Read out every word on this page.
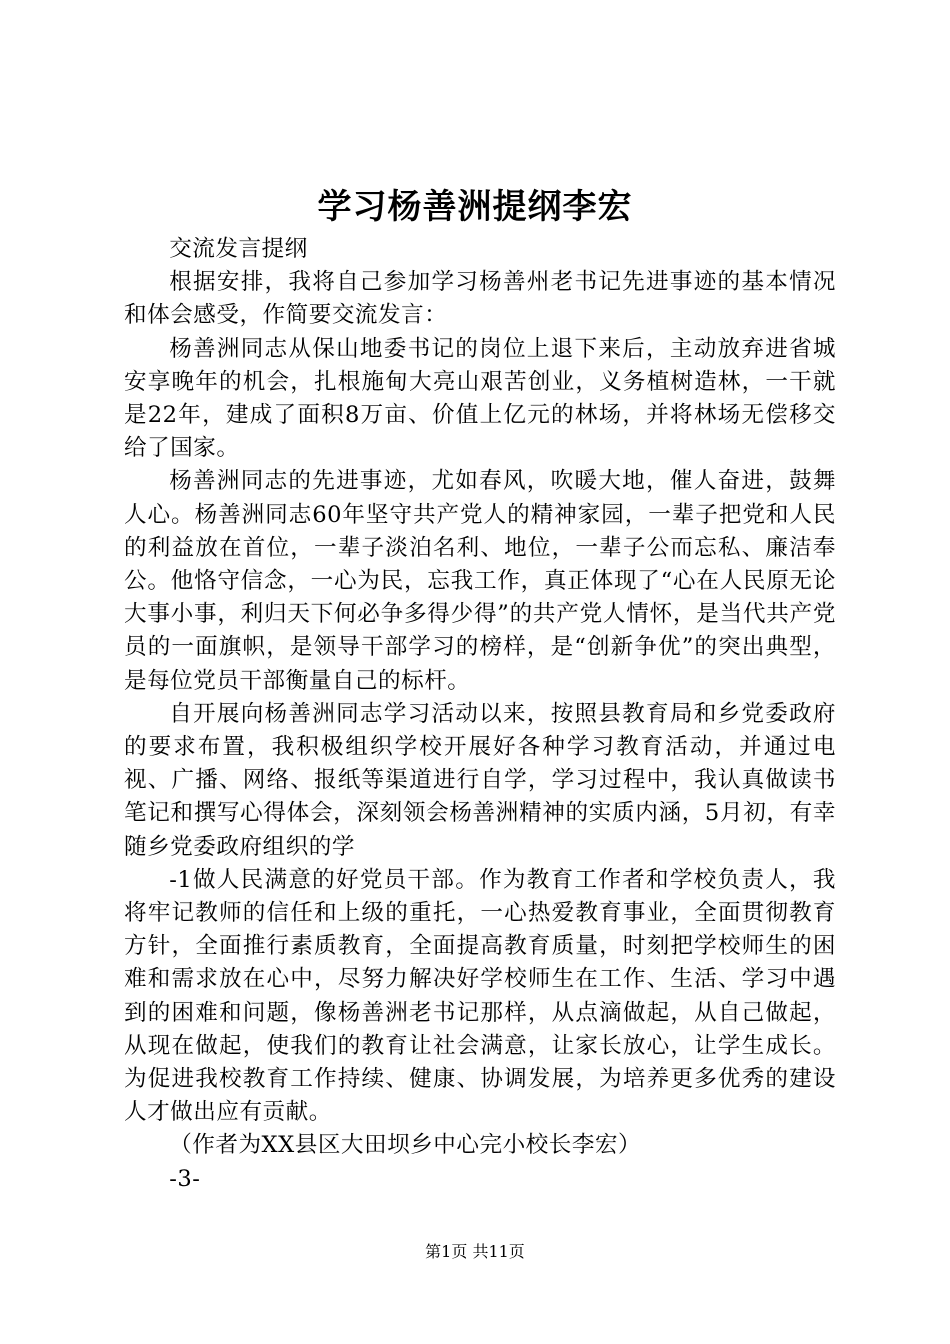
学习杨善洲提纲李宏

交流发言提纲

根据安排，我将自己参加学习杨善州老书记先进事迹的基本情况和体会感受，作简要交流发言：

杨善洲同志从保山地委书记的岗位上退下来后，主动放弃进省城安享晚年的机会，扎根施甸大亮山艰苦创业，义务植树造林，一干就是22年，建成了面积8万亩、价值上亿元的林场，并将林场无偿移交给了国家。

杨善洲同志的先进事迹，尤如春风，吹暖大地，催人奋进，鼓舞人心。杨善洲同志60年坚守共产党人的精神家园，一辈子把党和人民的利益放在首位，一辈子淡泊名利、地位，一辈子公而忘私、廉洁奉公。他恪守信念，一心为民，忘我工作，真正体现了“心在人民原无论大事小事，利归天下何必争多得少得”的共产党人情怀，是当代共产党员的一面旗帜，是领导干部学习的榜样，是“创新争优”的突出典型，是每位党员干部衡量自己的标杆。

自开展向杨善洲同志学习活动以来，按照县教育局和乡党委政府的要求布置，我积极组织学校开展好各种学习教育活动，并通过电视、广播、网络、报纸等渠道进行自学，学习过程中，我认真做读书笔记和撰写心得体会，深刻领会杨善洲精神的实质内涵，5月初，有幸随乡党委政府组织的学

-1做人民满意的好党员干部。作为教育工作者和学校负责人，我将牢记教师的信任和上级的重托，一心热爱教育事业，全面贯彻教育方针，全面推行素质教育，全面提高教育质量，时刻把学校师生的困难和需求放在心中，尽努力解决好学校师生在工作、生活、学习中遇到的困难和问题，像杨善洲老书记那样，从点滴做起，从自己做起，从现在做起，使我们的教育让社会满意，让家长放心，让学生成长。为促进我校教育工作持续、健康、协调发展，为培养更多优秀的建设人才做出应有贡献。

（作者为XX县区大田坝乡中心完小校长李宏）

-3-

第1页 共11页
